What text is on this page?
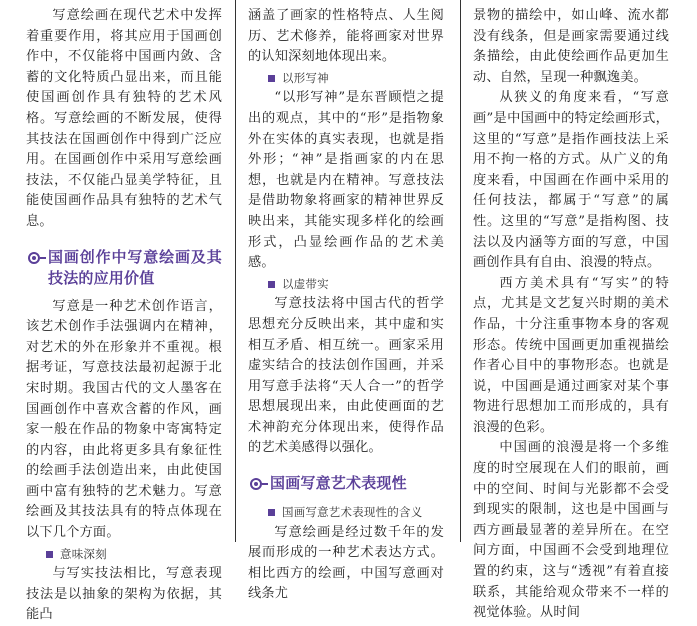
写意绘画在现代艺术中发挥着重要作用，将其应用于国画创作中，不仅能将中国画内敛、含蓄的文化特质凸显出来，而且能使国画创作具有独特的艺术风格。写意绘画的不断发展，使得其技法在国画创作中得到广泛应用。在国画创作中采用写意绘画技法，不仅能凸显美学特征，且能使国画作品具有独特的艺术气息。

国画创作中写意绘画及其技法的应用价值

写意是一种艺术创作语言，该艺术创作手法强调内在精神，对艺术的外在形象并不重视。根据考证，写意技法最初起源于北宋时期。我国古代的文人墨客在国画创作中喜欢含蓄的作风，画家一般在作品的物象中寄寓特定的内容，由此将更多具有象征性的绘画手法创造出来，由此使国画中富有独特的艺术魅力。写意绘画及其技法具有的特点体现在以下几个方面。

意味深刻

与写实技法相比，写意表现技法是以抽象的架构为依据，其能凸

涵盖了画家的性格特点、人生阅历、艺术修养，能将画家对世界的认知深刻地体现出来。

以形写神

“以形写神”是东晋顾恺之提出的观点，其中的“形”是指物象外在实体的真实表现，也就是指外形；“神”是指画家的内在思想，也就是内在精神。写意技法是借助物象将画家的精神世界反映出来，其能实现多样化的绘画形式，凸显绘画作品的艺术美感。

以虚带实

写意技法将中国古代的哲学思想充分反映出来，其中虚和实相互矛盾、相互统一。画家采用虚实结合的技法创作国画，并采用写意手法将“天人合一”的哲学思想展现出来，由此使画面的艺术神韵充分体现出来，使得作品的艺术美感得以强化。

国画写意艺术表现性
国画写意艺术表现性的含义

写意绘画是经过数千年的发展而形成的一种艺术表达方式。相比西方的绘画，中国写意画对线条尤

景物的描绘中，如山峰、流水都没有线条，但是画家需要通过线条描绘，由此使绘画作品更加生动、自然，呈现一种飘逸美。

从狭义的角度来看，“写意画”是中国画中的特定绘画形式，这里的“写意”是指作画技法上采用不拘一格的方式。从广义的角度来看，中国画在作画中采用的任何技法，都属于“写意”的属性。这里的“写意”是指构图、技法以及内涵等方面的写意，中国画创作具有自由、浪漫的特点。

西方美术具有“写实”的特点，尤其是文艺复兴时期的美术作品，十分注重事物本身的客观形态。传统中国画更加重视描绘作者心目中的事物形态。也就是说，中国画是通过画家对某个事物进行思想加工而形成的，具有浪漫的色彩。

中国画的浪漫是将一个多维度的时空展现在人们的眼前，画中的空间、时间与光影都不会受到现实的限制，这也是中国画与西方画最显著的差异所在。在空间方面，中国画不会受到地理位置的约束，这与“透视”有着直接联系，其能给观众带来不一样的视觉体验。从时间
